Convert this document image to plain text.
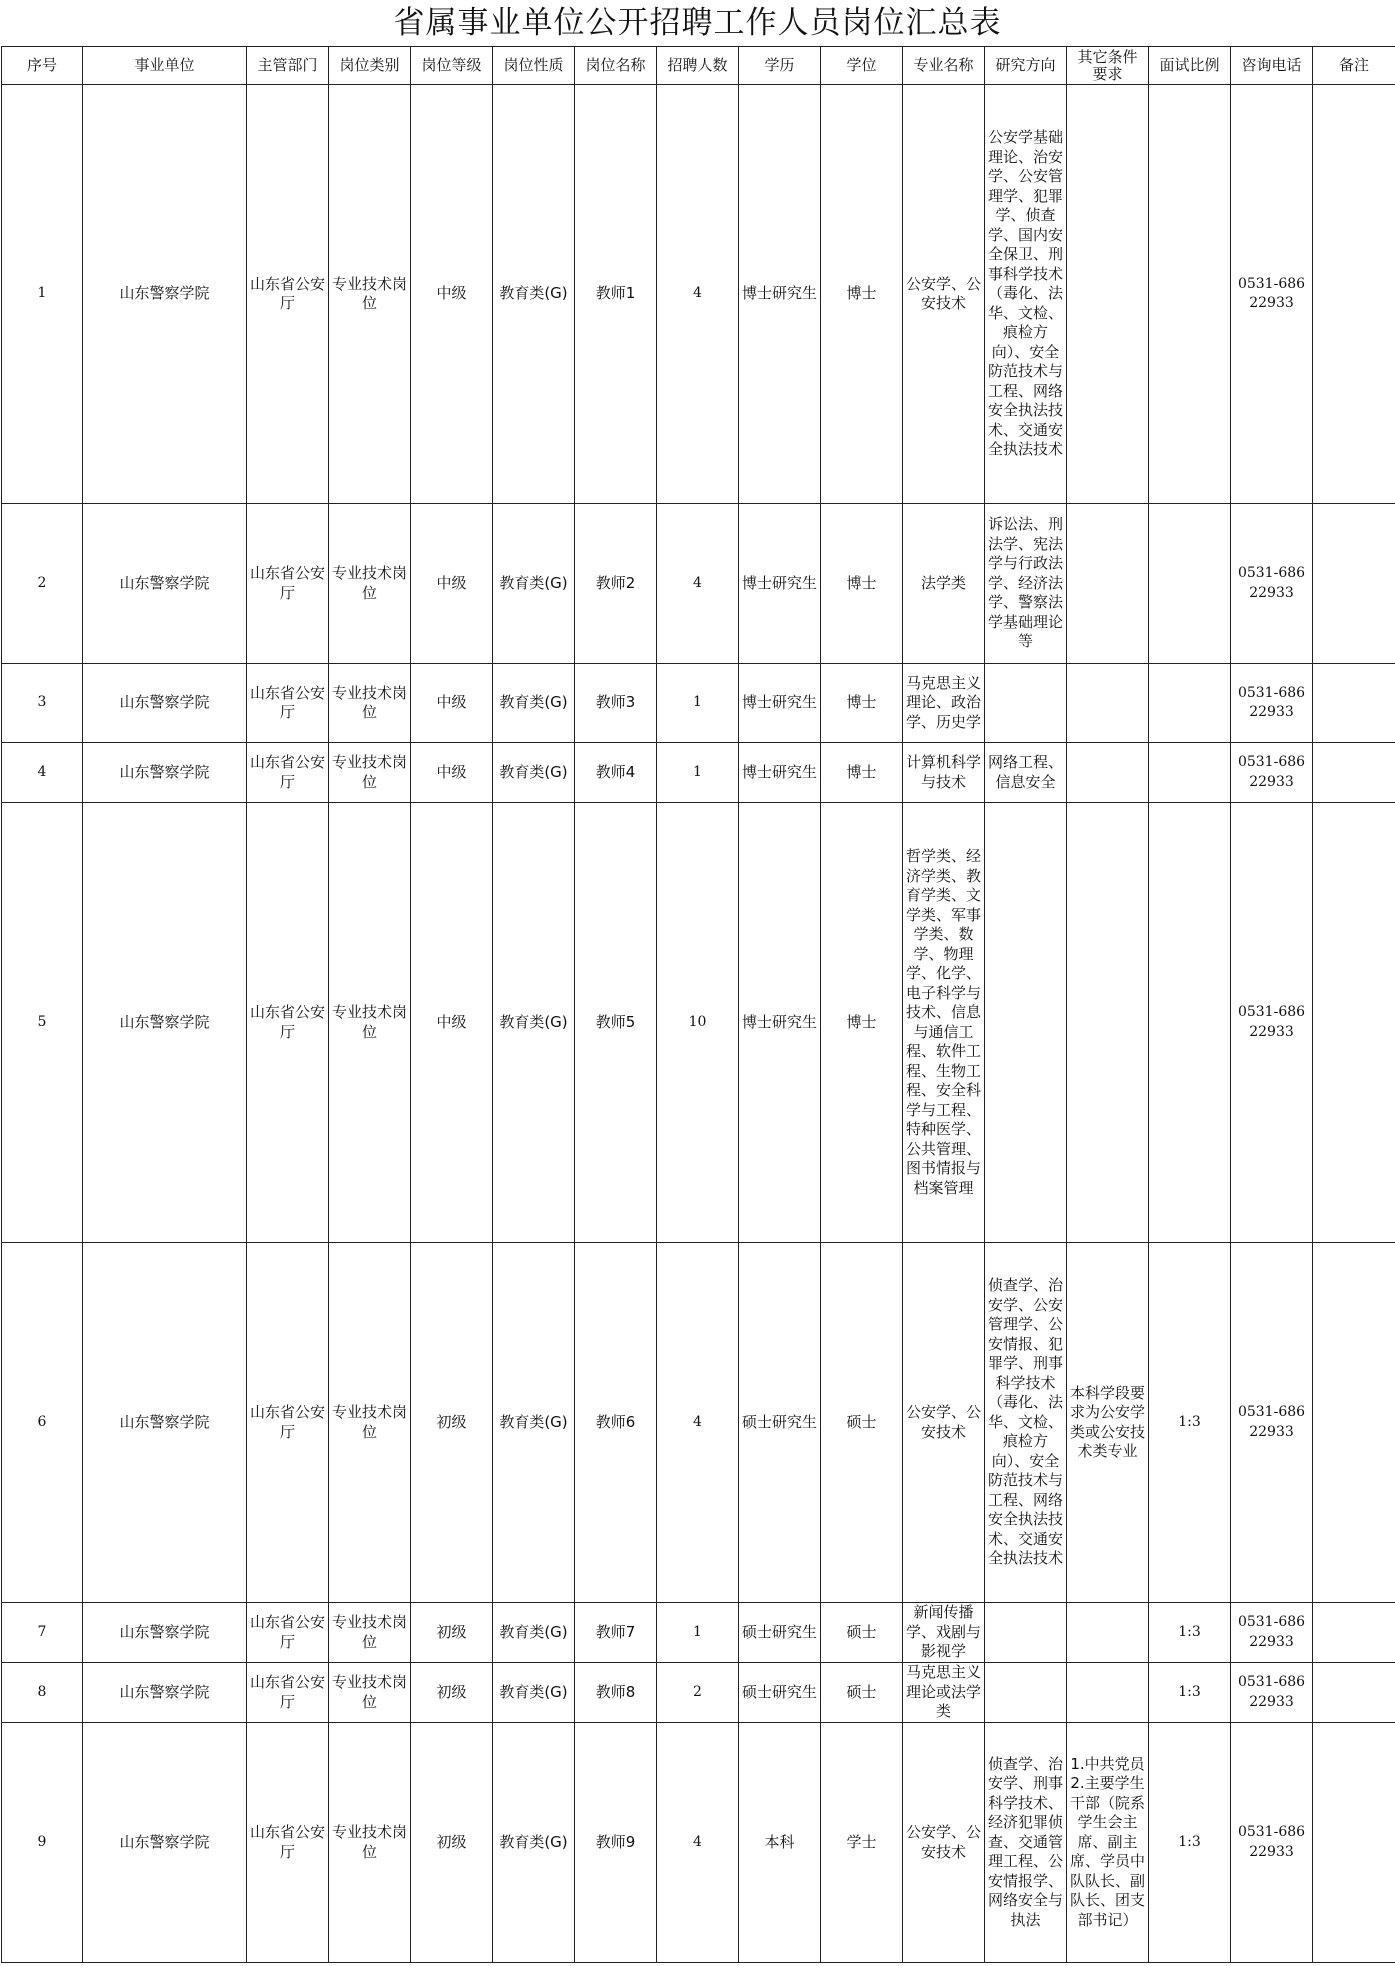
省属事业单位公开招聘工作人员岗位汇总表
序号	事业单位	主管部门	岗位类别	岗位等级	岗位性质	岗位名称	招聘人数	学历	学位	专业名称	研究方向	其它条件要求	面试比例	咨询电话	备注
1	山东警察学院	山东省公安厅	专业技术岗位	中级	教育类(G)	教师1	4	博士研究生	博士	公安学、公安技术	公安学基础理论、治安学、公安管理学、犯罪学、侦查学、国内安全保卫、刑事科学技术（毒化、法华、文检、痕检方向）、安全防范技术与工程、网络安全执法技术、交通安全执法技术			0531-68622933	
2	山东警察学院	山东省公安厅	专业技术岗位	中级	教育类(G)	教师2	4	博士研究生	博士	法学类	诉讼法、刑法学、宪法学与行政法学、经济法学、警察法学基础理论等			0531-68622933	
3	山东警察学院	山东省公安厅	专业技术岗位	中级	教育类(G)	教师3	1	博士研究生	博士	马克思主义理论、政治学、历史学				0531-68622933	
4	山东警察学院	山东省公安厅	专业技术岗位	中级	教育类(G)	教师4	1	博士研究生	博士	计算机科学与技术	网络工程、信息安全			0531-68622933	
5	山东警察学院	山东省公安厅	专业技术岗位	中级	教育类(G)	教师5	10	博士研究生	博士	哲学类、经济学类、教育学类、文学类、军事学类、数学、物理学、化学、电子科学与技术、信息与通信工程、软件工程、生物工程、安全科学与工程、特种医学、公共管理、图书情报与档案管理				0531-68622933	
6	山东警察学院	山东省公安厅	专业技术岗位	初级	教育类(G)	教师6	4	硕士研究生	硕士	公安学、公安技术	侦查学、治安学、公安管理学、公安情报、犯罪学、刑事科学技术（毒化、法华、文检、痕检方向）、安全防范技术与工程、网络安全执法技术、交通安全执法技术	本科学段要求为公安学类或公安技术类专业	1:3	0531-68622933	
7	山东警察学院	山东省公安厅	专业技术岗位	初级	教育类(G)	教师7	1	硕士研究生	硕士	新闻传播学、戏剧与影视学			1:3	0531-68622933	
8	山东警察学院	山东省公安厅	专业技术岗位	初级	教育类(G)	教师8	2	硕士研究生	硕士	马克思主义理论或法学类			1:3	0531-68622933	
9	山东警察学院	山东省公安厅	专业技术岗位	初级	教育类(G)	教师9	4	本科	学士	公安学、公安技术	侦查学、治安学、刑事科学技术、经济犯罪侦查、交通管理工程、公安情报学、网络安全与执法	1.中共党员 2.主要学生干部（院系学生会主席、副主席、学员中队队长、副队长、团支部书记）	1:3	0531-68622933	
